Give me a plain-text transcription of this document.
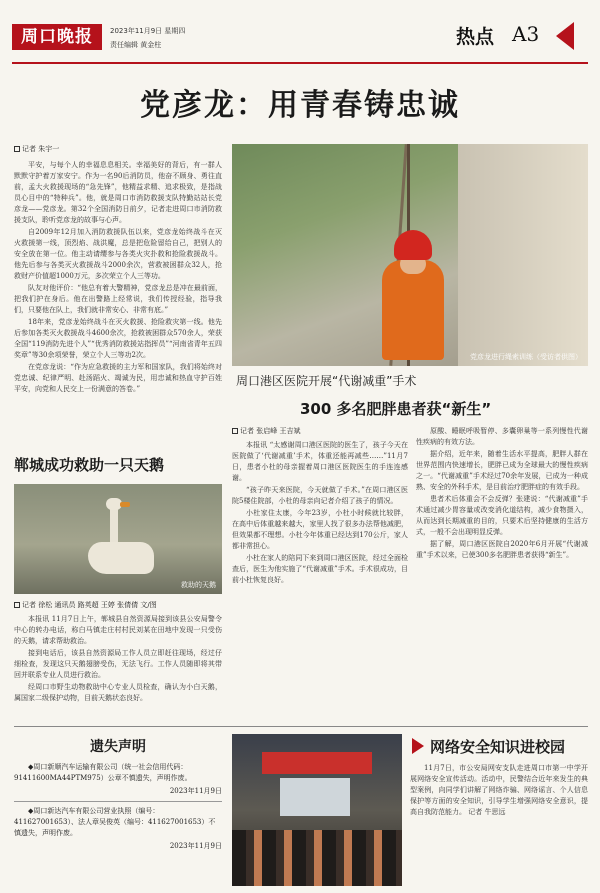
周口晚报	2023年11月9日 星期四
责任编辑 黄金柱	热点 A3
党彦龙：用青春铸忠诚
记者 朱宇一

平安，与每个人的幸福息息相关。幸福美好的背后，有一群人默默守护着万家安宁。作为一名90后消防员，他奋不顾身、勇往直前，孟大火救援现场的“急先锋”，他精益求精、追求极致，是指战员心目中的“特种兵”。他，就是周口市消防救援支队特勤站站长党彦龙——党彦龙。第32个全国消防日前夕，记者走进周口市消防救援支队，聆听党彦龙的故事与心声。

自2009年12月加入消防救援队伍以来，党彦龙始终战斗在灭火救援第一线，顶烈焰、战洪魔，总是把危险留给自己，把别人的安全放在第一位。他主动请缨参与各类火灾扑救和抢险救援战斗。他先后参与各类灭火救援战斗2000余次，营救被困群众32人，抢救财产价值超1000万元，多次荣立个人三等功。

队友对他评价：“他总有着大警精神，党彦龙总是冲在最前面，把我们护在身后。他在出警路上经常说，我们传授经验，指导我们，只要他在队上，我们就非常安心、非常有底。”

18年来，党彦龙始终战斗在灭火救援、抢险救灾第一线。他先后参加各类灭火救援战斗4600余次，抢救被困群众570余人，荣获全国“119消防先进个人”“优秀消防救援站指挥员”“河南省青年五四奖章”等30余项荣誉，荣立个人三等功2次。

在党彦龙说：“作为应急救援的主力军和国家队，我们将始终对党忠诚、纪律严明、赴汤蹈火、竭诚为民，用忠诚和热血守护百姓平安，向党和人民交上一份满意的答卷。”

党彦龙进行绳索训练（受访者供图）
周口港区医院开展“代谢减重”手术
300 多名肥胖患者获“新生”
记者 张启峰 王吉斌

本报讯 “太感谢周口港区医院的医生了，孩子今天在医院做了‘代谢减重’手术，体重还能再减些……”11月7日，患者小杜的母亲握着周口港区医院医生的手连连感谢。

“孩子昨天来医院，今天就做了手术。”在周口港区医院5楼住院部，小杜的母亲向记者介绍了孩子的情况。

小杜家住太康，今年23岁，小杜小时候就比较胖，在高中后体重越来越大，家里人找了很多办法帮他减肥，但效果都不理想。小杜今年体重已经达到170公斤，家人都非常担心。

小杜在家人的陪同下来到周口港区医院，经过全面检查后，医生为他实施了“代谢减重”手术。手术很成功，目前小杜恢复良好。

原酸、睡眠呼吸暂停、多囊卵巢等一系列慢性代谢性疾病的有效方法。

据介绍，近年来，随着生活水平提高，肥胖人群在世界范围内快速增长，肥胖已成为全球最大的慢性疾病之一。“代谢减重”手术经过70余年发展，已成为一种成熟、安全的外科手术，是目前治疗肥胖症的有效手段。

患者术后体重会不会反弹？张建说：“代谢减重”手术通过减少胃容量或改变消化道结构，减少食物摄入，从而达到长期减重的目的，只要术后坚持健康的生活方式，一般不会出现明显反弹。

据了解，周口港区医院自2020年6月开展“代谢减重”手术以来，已使300多名肥胖患者获得“新生”。

郸城成功救助一只天鹅
救助的天鹅
记者 徐松 通讯员 路英超 王婷 张倩倩 文/图

本报讯 11月7日上午，郸城县自然资源局接到该县公安局警令中心的转办电话，称白马镇走庄村村民刘某在田地中发现一只受伤的天鹅，请求帮助救治。

接到电话后，该县自然资源局工作人员立即赶往现场，经过仔细检查，发现这只天鹅翅膀受伤，无法飞行。工作人员随即将其带回并联系专业人员进行救治。

经周口市野生动物救助中心专业人员检查，确认为小白天鹅，属国家二级保护动物，目前天鹅状态良好。

遗失声明

◆周口新顺汽车运输有限公司（统一社会信用代码：91411600MA44PTM975）公章不慎遗失，声明作废。

2023年11月9日

◆周口新达汽车有限公司营业执照（编号：411627001653）、法人章吴俊英（编号：411627001653）不慎遗失，声明作废。

2023年11月9日

网络安全知识进校园

11月7日，市公安局网安支队走进周口市第一中学开展网络安全宣传活动。活动中，民警结合近年来发生的典型案例，向同学们讲解了网络诈骗、网络谣言、个人信息保护等方面的安全知识，引导学生增强网络安全意识，提高自我防范能力。 记者 牛思远
